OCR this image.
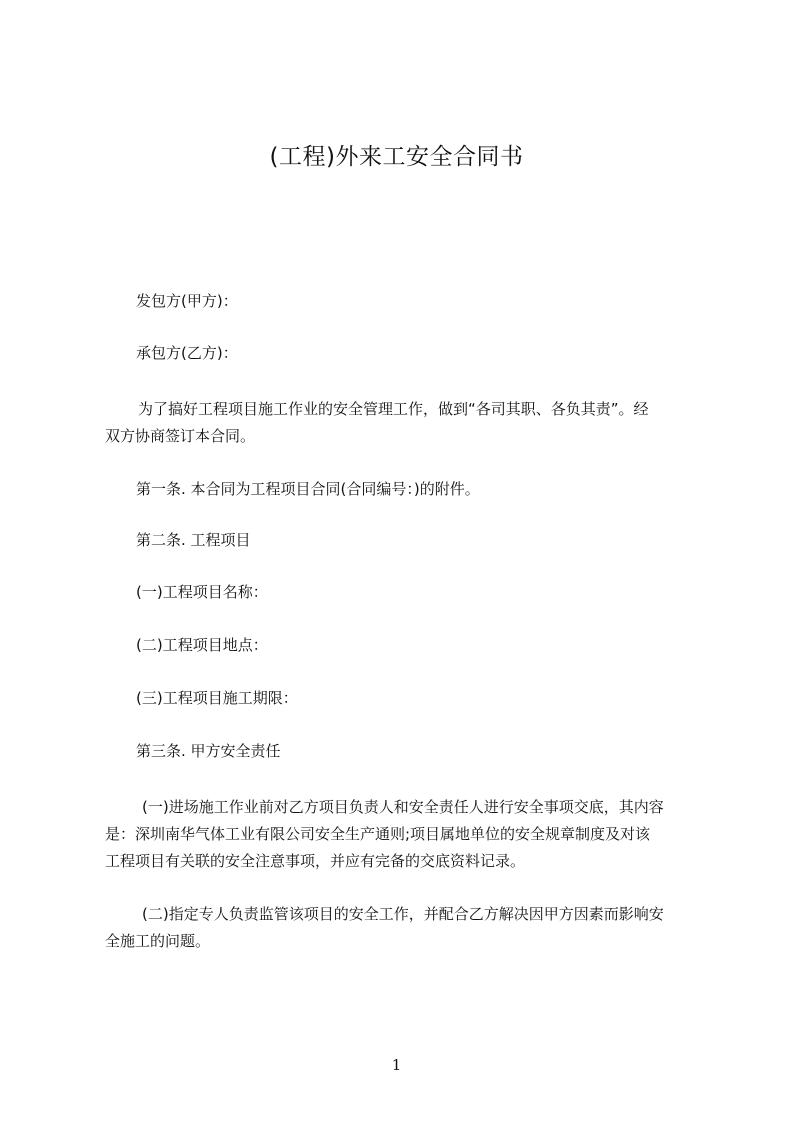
(工程)外来工安全合同书
发包方(甲方)：
承包方(乙方)：
为了搞好工程项目施工作业的安全管理工作，做到“各司其职、各负其责”。经
双方协商签订本合同。
第一条. 本合同为工程项目合同(合同编号：)的附件。
第二条. 工程项目
(一)工程项目名称：
(二)工程项目地点：
(三)工程项目施工期限：
第三条. 甲方安全责任
(一)进场施工作业前对乙方项目负责人和安全责任人进行安全事项交底，其内容
是：深圳南华气体工业有限公司安全生产通则;项目属地单位的安全规章制度及对该
工程项目有关联的安全注意事项，并应有完备的交底资料记录。
(二)指定专人负责监管该项目的安全工作，并配合乙方解决因甲方因素而影响安
全施工的问题。
1
